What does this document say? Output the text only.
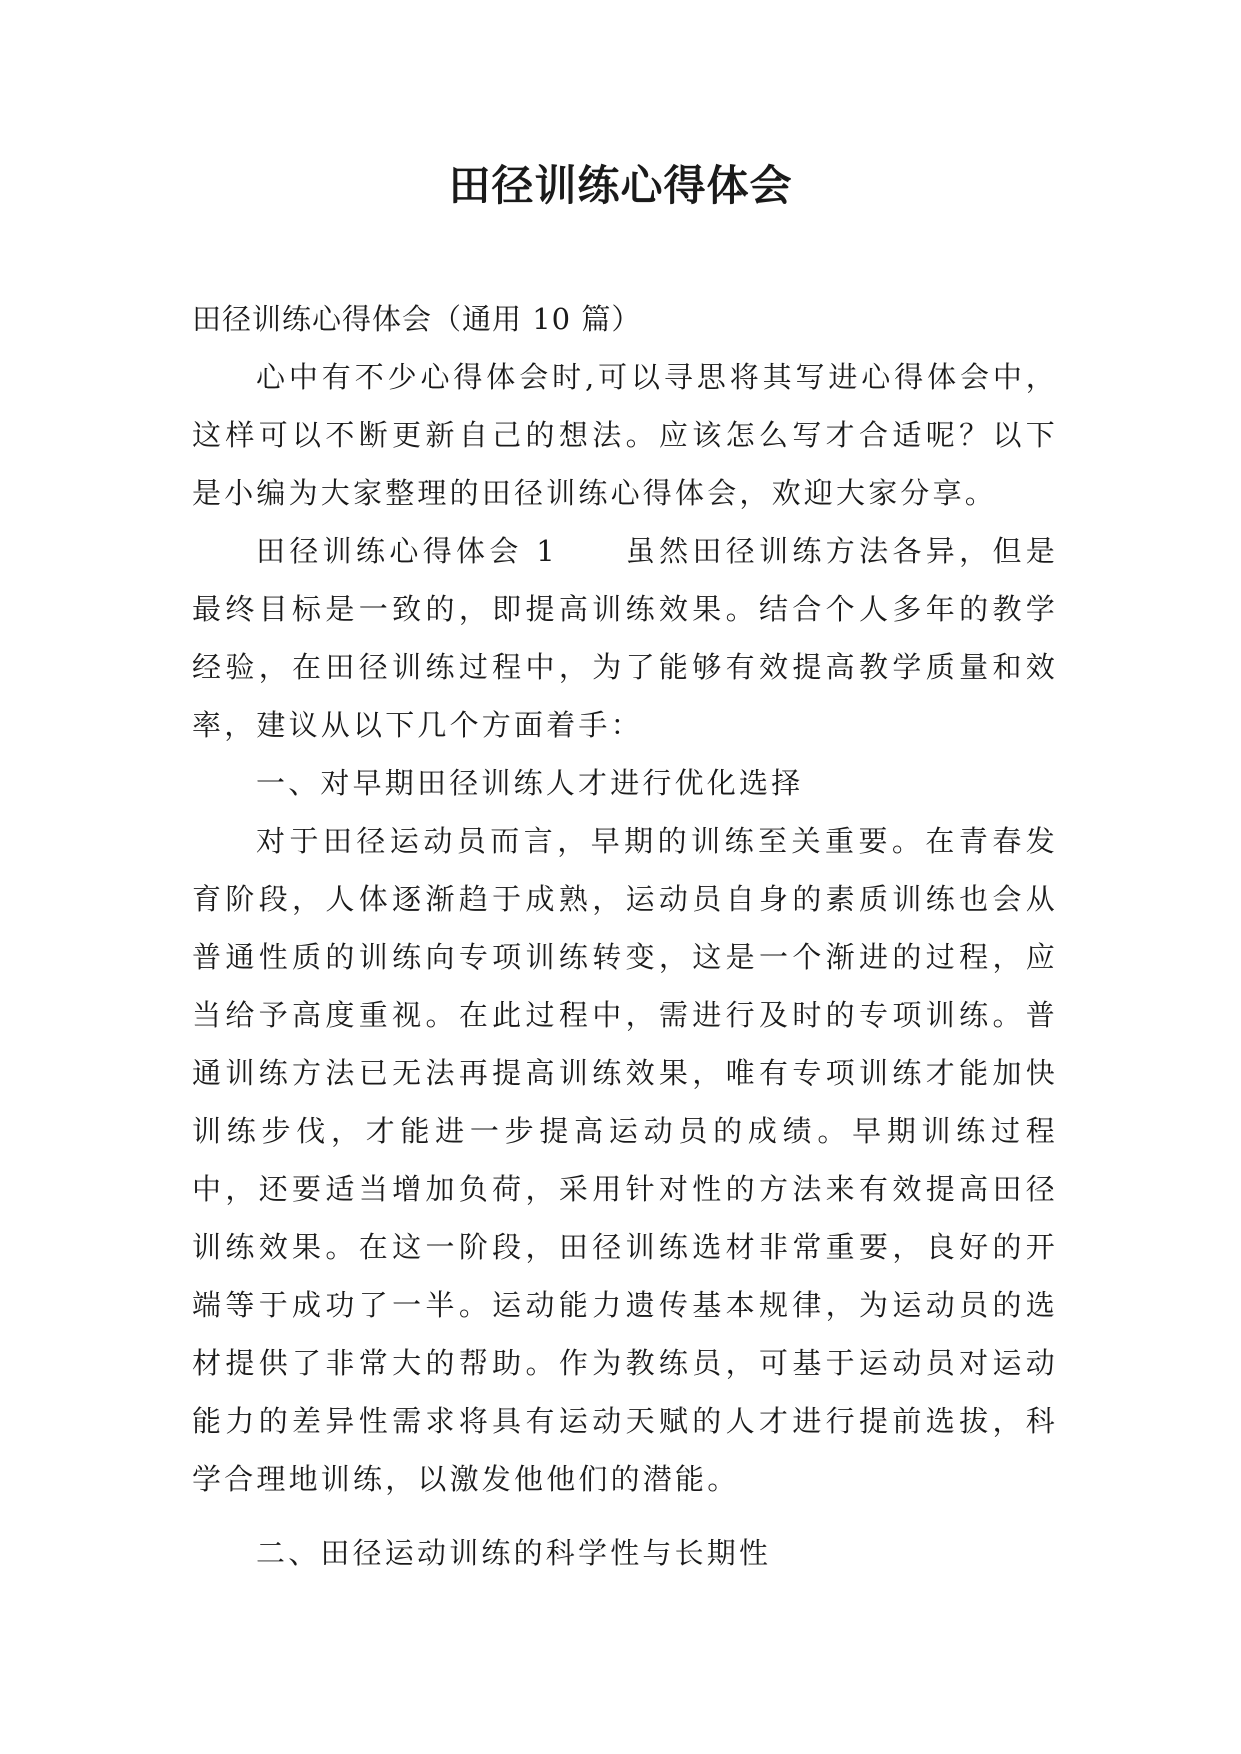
田径训练心得体会

田径训练心得体会（通用 10 篇）

心中有不少心得体会时,可以寻思将其写进心得体会中，这样可以不断更新自己的想法。应该怎么写才合适呢？以下是小编为大家整理的田径训练心得体会，欢迎大家分享。

田径训练心得体会 1　　虽然田径训练方法各异，但是最终目标是一致的，即提高训练效果。结合个人多年的教学经验，在田径训练过程中，为了能够有效提高教学质量和效率，建议从以下几个方面着手：

一、对早期田径训练人才进行优化选择

对于田径运动员而言，早期的训练至关重要。在青春发育阶段，人体逐渐趋于成熟，运动员自身的素质训练也会从普通性质的训练向专项训练转变，这是一个渐进的过程，应当给予高度重视。在此过程中，需进行及时的专项训练。普通训练方法已无法再提高训练效果，唯有专项训练才能加快训练步伐，才能进一步提高运动员的成绩。早期训练过程中，还要适当增加负荷，采用针对性的方法来有效提高田径训练效果。在这一阶段，田径训练选材非常重要，良好的开端等于成功了一半。运动能力遗传基本规律，为运动员的选材提供了非常大的帮助。作为教练员，可基于运动员对运动能力的差异性需求将具有运动天赋的人才进行提前选拔，科学合理地训练，以激发他他们的潜能。

二、田径运动训练的科学性与长期性
